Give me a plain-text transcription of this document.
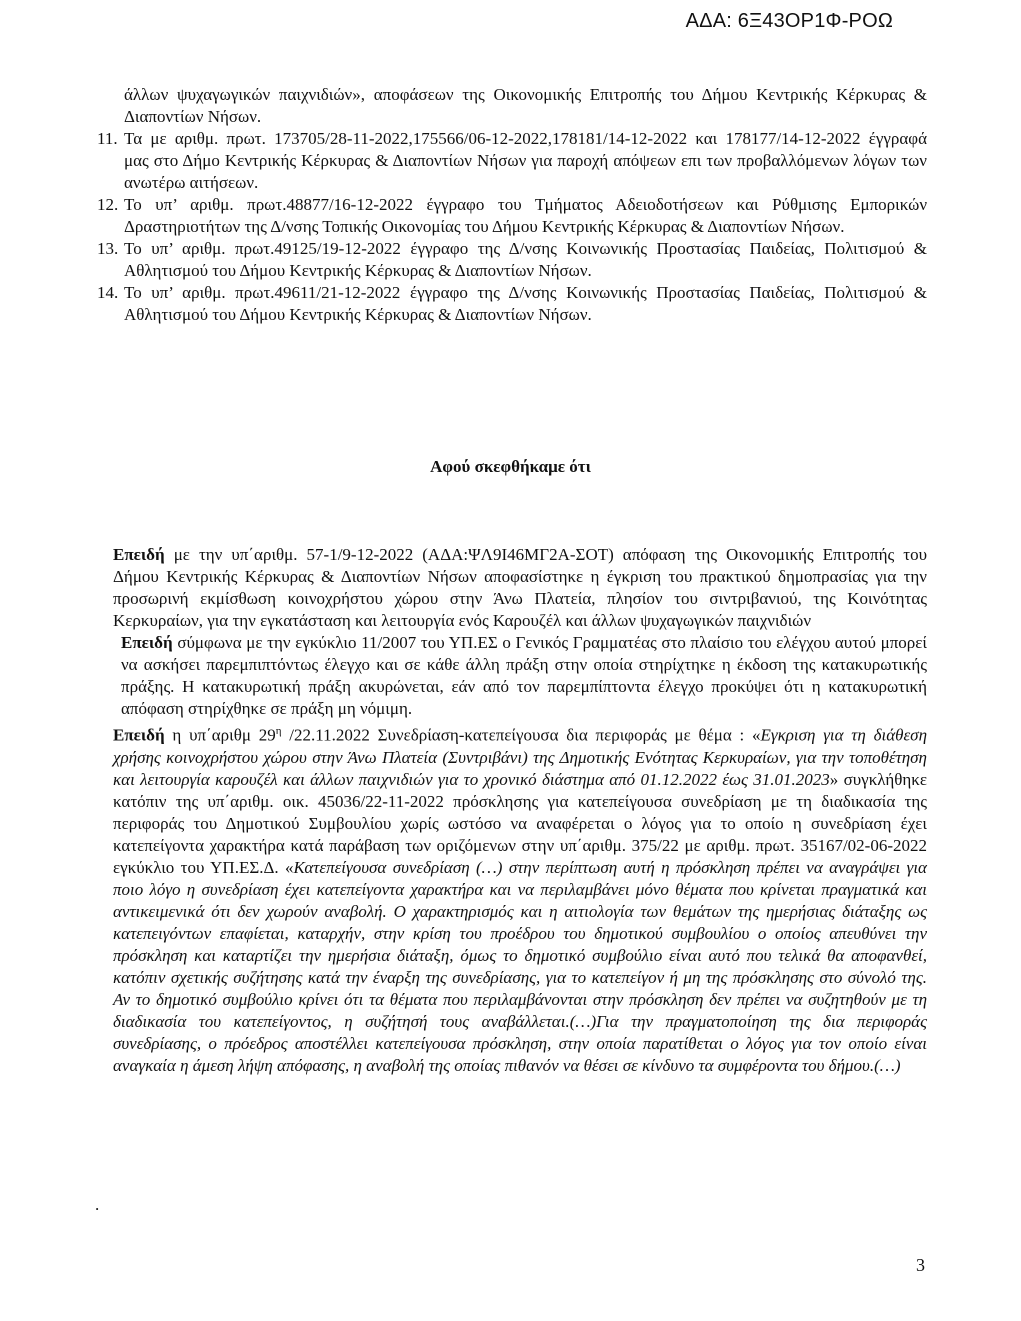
ΑΔΑ: 6Ξ43ΟΡ1Φ-ΡΟΩ
άλλων ψυχαγωγικών παιχνιδιών», αποφάσεων της Οικονομικής Επιτροπής του Δήμου Κεντρικής Κέρκυρας & Διαποντίων Νήσων.
11. Τα με αριθμ. πρωτ. 173705/28-11-2022,175566/06-12-2022,178181/14-12-2022 και 178177/14-12-2022 έγγραφά μας στο Δήμο Κεντρικής Κέρκυρας & Διαποντίων Νήσων για παροχή απόψεων επι των προβαλλόμενων λόγων των ανωτέρω αιτήσεων.
12. Το υπ’ αριθμ. πρωτ.48877/16-12-2022 έγγραφο του Τμήματος Αδειοδοτήσεων και Ρύθμισης Εμπορικών Δραστηριοτήτων της Δ/νσης Τοπικής Οικονομίας του Δήμου Κεντρικής Κέρκυρας & Διαποντίων Νήσων.
13. Το υπ’ αριθμ. πρωτ.49125/19-12-2022 έγγραφο της Δ/νσης Κοινωνικής Προστασίας Παιδείας, Πολιτισμού & Αθλητισμού του Δήμου Κεντρικής Κέρκυρας & Διαποντίων Νήσων.
14. Το υπ’ αριθμ. πρωτ.49611/21-12-2022 έγγραφο της Δ/νσης Κοινωνικής Προστασίας Παιδείας, Πολιτισμού & Αθλητισμού του Δήμου Κεντρικής Κέρκυρας & Διαποντίων Νήσων.
Αφού σκεφθήκαμε ότι

Επειδή με την υπ΄αριθμ. 57-1/9-12-2022 (ΑΔΑ:ΨΛ9Ι46ΜΓ2Α-ΣΟΤ) απόφαση της Οικονομικής Επιτροπής του Δήμου Κεντρικής Κέρκυρας & Διαποντίων Νήσων αποφασίστηκε η έγκριση του πρακτικού δημοπρασίας για την προσωρινή εκμίσθωση κοινοχρήστου χώρου στην Άνω Πλατεία, πλησίον του σιντριβανιού, της Κοινότητας Κερκυραίων, για την εγκατάσταση και λειτουργία ενός Καρουζέλ και άλλων ψυχαγωγικών παιχνιδιών

Επειδή σύμφωνα με την εγκύκλιο 11/2007 του ΥΠ.ΕΣ ο Γενικός Γραμματέας στο πλαίσιο του ελέγχου αυτού μπορεί να ασκήσει παρεμπιπτόντως έλεγχο και σε κάθε άλλη πράξη στην οποία στηρίχτηκε η έκδοση της κατακυρωτικής πράξης. Η κατακυρωτική πράξη ακυρώνεται, εάν από τον παρεμπίπτοντα έλεγχο προκύψει ότι η κατακυρωτική απόφαση στηρίχθηκε σε πράξη μη νόμιμη.

Επειδή η υπ΄αριθμ $29^\eta$ /22.11.2022 Συνεδρίαση-κατεπείγουσα δια περιφοράς με θέμα : «Εγκριση για τη διάθεση χρήσης κοινοχρήστου χώρου στην Άνω Πλατεία (Συντριβάνι) της Δημοτικής Ενότητας Κερκυραίων, για την τοποθέτηση και λειτουργία καρουζέλ και άλλων παιχνιδιών για το χρονικό διάστημα από 01.12.2022 έως 31.01.2023» συγκλήθηκε κατόπιν της υπ΄αριθμ. οικ. 45036/22-11-2022 πρόσκλησης για κατεπείγουσα συνεδρίαση με τη διαδικασία της περιφοράς του Δημοτικού Συμβουλίου χωρίς ωστόσο να αναφέρεται ο λόγος για το οποίο η συνεδρίαση έχει κατεπείγοντα χαρακτήρα κατά παράβαση των οριζόμενων στην υπ΄αριθμ. 375/22 με αριθμ. πρωτ. 35167/02-06-2022 εγκύκλιο του ΥΠ.ΕΣ.Δ. «Κατεπείγουσα συνεδρίαση (…) στην περίπτωση αυτή η πρόσκληση πρέπει να αναγράψει για ποιο λόγο η συνεδρίαση έχει κατεπείγοντα χαρακτήρα και να περιλαμβάνει μόνο θέματα που κρίνεται πραγματικά και αντικειμενικά ότι δεν χωρούν αναβολή. Ο χαρακτηρισμός και η αιτιολογία των θεμάτων της ημερήσιας διάταξης ως κατεπειγόντων επαφίεται, καταρχήν, στην κρίση του προέδρου του δημοτικού συμβουλίου ο οποίος απευθύνει την πρόσκληση και καταρτίζει την ημερήσια διάταξη, όμως το δημοτικό συμβούλιο είναι αυτό που τελικά θα αποφανθεί, κατόπιν σχετικής συζήτησης κατά την έναρξη της συνεδρίασης, για το κατεπείγον ή μη της πρόσκλησης στο σύνολό της. Αν το δημοτικό συμβούλιο κρίνει ότι τα θέματα που περιλαμβάνονται στην πρόσκληση δεν πρέπει να συζητηθούν με τη διαδικασία του κατεπείγοντος, η συζήτησή τους αναβάλλεται.(…)Για την πραγματοποίηση της δια περιφοράς συνεδρίασης, ο πρόεδρος αποστέλλει κατεπείγουσα πρόσκληση, στην οποία παρατίθεται ο λόγος για τον οποίο είναι αναγκαία η άμεση λήψη απόφασης, η αναβολή της οποίας πιθανόν να θέσει σε κίνδυνο τα συμφέροντα του δήμου.(…)

.
3
